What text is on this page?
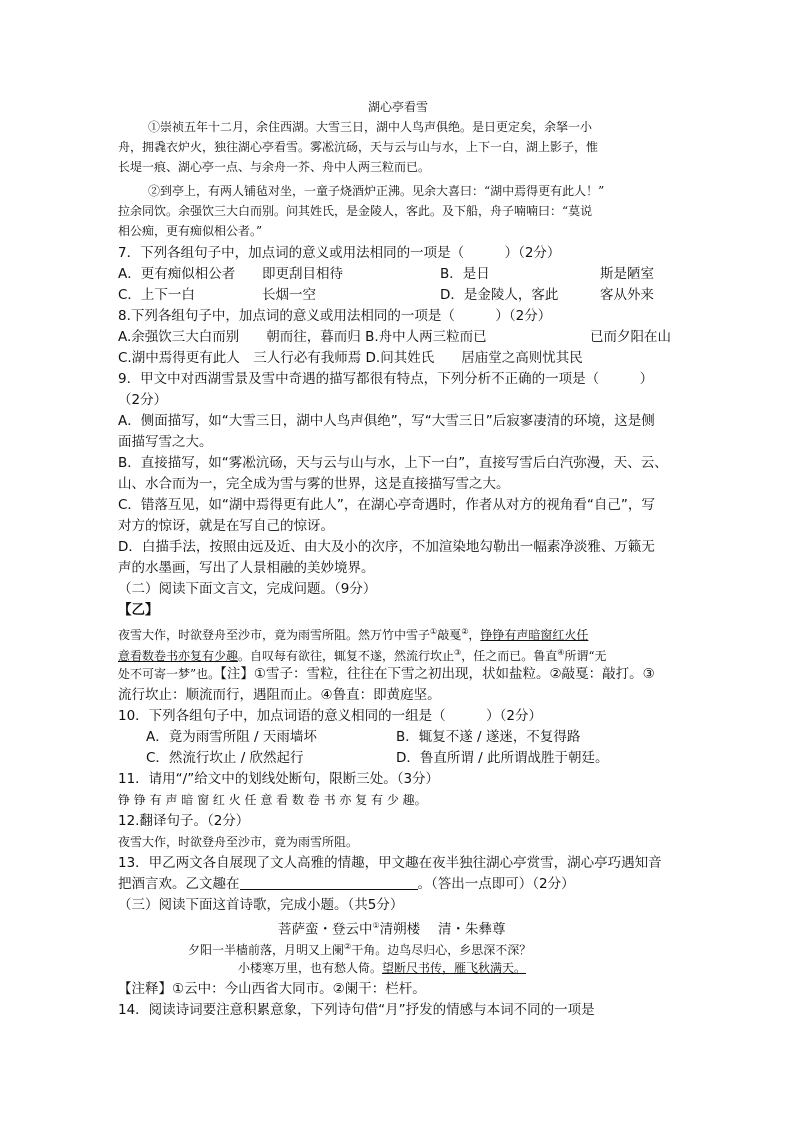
湖心亭看雪
①崇祯五年十二月，余住西湖。大雪三日，湖中人鸟声俱绝。是日更定矣，余拏一小
舟，拥毳衣炉火，独往湖心亭看雪。雾凇沆砀，天与云与山与水，上下一白，湖上影子，惟
长堤一痕、湖心亭一点、与余舟一芥、舟中人两三粒而已。
②到亭上，有两人铺毡对坐，一童子烧酒炉正沸。见余大喜曰：“湖中焉得更有此人！”
拉余同饮。余强饮三大白而别。问其姓氏，是金陵人，客此。及下船，舟子喃喃曰：“莫说
相公痴，更有痴似相公者。”
7．下列各组句子中，加点词的意义或用法相同的一项是（　　　）（2分）
A．更有痴似相公者	即更刮目相待	B．是日	斯是陋室
C．上下一白	长烟一空	D．是金陵人，客此	客从外来
8.下列各组句子中，加点词的意义或用法相同的一项是（　　　）（2分）
A.余强饮三大白而别　　朝而往，暮而归 B.舟中人两三粒而已	已而夕阳在山
C.湖中焉得更有此人　三人行必有我师焉 D.问其姓氏　　居庙堂之高则忧其民
9．甲文中对西湖雪景及雪中奇遇的描写都很有特点，下列分析不正确的一项是（　　　）
（2分）
A．侧面描写，如“大雪三日，湖中人鸟声俱绝”，写“大雪三日”后寂寥凄清的环境，这是侧
面描写雪之大。
B．直接描写，如“雾凇沆砀，天与云与山与水，上下一白”，直接写雪后白汽弥漫，天、云、
山、水合而为一，完全成为雪与雾的世界，这是直接描写雪之大。
C．错落互见，如“湖中焉得更有此人”，在湖心亭奇遇时，作者从对方的视角看“自己”，写
对方的惊讶，就是在写自己的惊讶。
D．白描手法，按照由远及近、由大及小的次序，不加渲染地勾勒出一幅素净淡雅、万籁无
声的水墨画，写出了人景相融的美妙境界。
（二）阅读下面文言文，完成问题。（9分）
【乙】
夜雪大作，时欲登舟至沙市，竟为雨雪所阻。然万竹中雪子①敲戛②，铮铮有声暗窗红火任
意看数卷书亦复有少趣。自叹每有欲往，辄复不遂，然流行坎止③，任之而已。鲁直④所谓“无
处不可寄一梦”也。【注】①雪子：雪粒，往往在下雪之初出现，状如盐粒。②敲戛：敲打。③
流行坎止：顺流而行，遇阻而止。④鲁直：即黄庭坚。
10．下列各组句子中，加点词语的意义相同的一组是（　　　）（2分）
A．竟为雨雪所阻 / 天雨墙坏	B．辄复不遂 / 遂迷，不复得路
C．然流行坎止 / 欣然起行	D．鲁直所谓 / 此所谓战胜于朝廷。
11．请用“/”给文中的划线处断句，限断三处。（3分）
铮 铮 有 声 暗 窗 红 火 任 意 看 数 卷 书 亦 复 有 少 趣。
12.翻译句子。（2分）
夜雪大作，时欲登舟至沙市，竟为雨雪所阻。
13．甲乙两文各自展现了文人高雅的情趣，甲文趣在夜半独往湖心亭赏雪，湖心亭巧遇知音
把酒言欢。乙文趣在	。（答出一点即可）（2分）
（三）阅读下面这首诗歌，完成小题。（共5分）
菩萨蛮・登云中①清朔楼　 清・朱彝尊
夕阳一半樯前落，月明又上阑②干角。边鸟尽归心，乡思深不深？
小楼寒万里，也有愁人倚。望断尺书传，雁飞秋满天。
【注释】①云中：今山西省大同市。②阑干：栏杆。
14．阅读诗词要注意积累意象，下列诗句借“月”抒发的情感与本词不同的一项是
